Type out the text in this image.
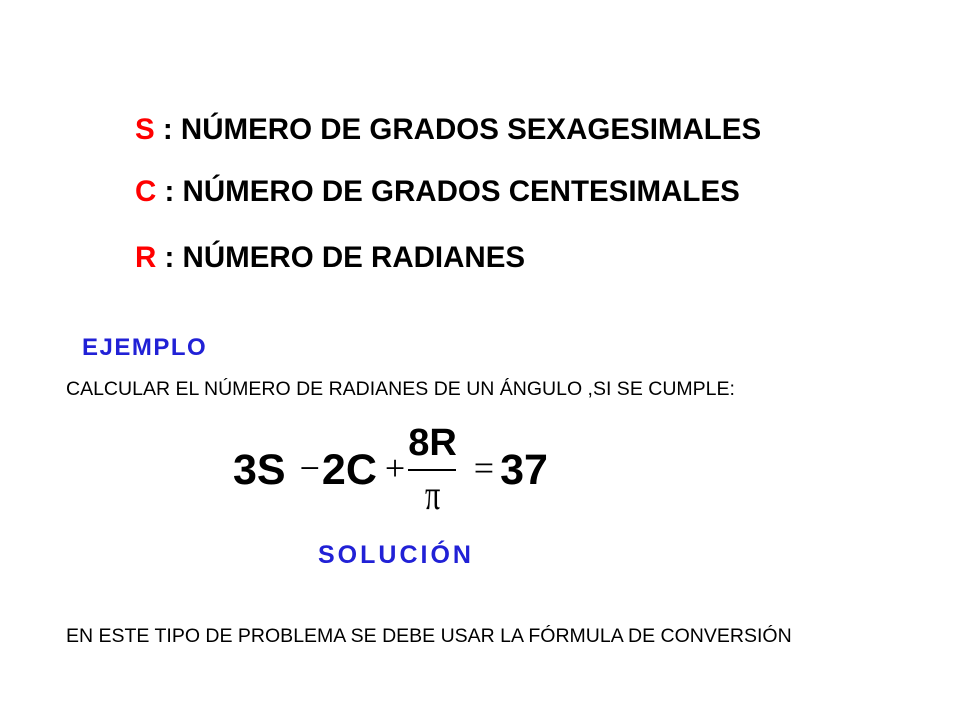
S : NÚMERO DE GRADOS SEXAGESIMALES
C : NÚMERO DE GRADOS CENTESIMALES
R : NÚMERO DE RADIANES
EJEMPLO
CALCULAR EL NÚMERO DE RADIANES DE UN ÁNGULO ,SI SE CUMPLE:
$3S - 2C + \frac{8R}{\pi} = 37$
SOLUCIÓN
EN ESTE TIPO DE PROBLEMA SE DEBE USAR LA FÓRMULA DE CONVERSIÓN
